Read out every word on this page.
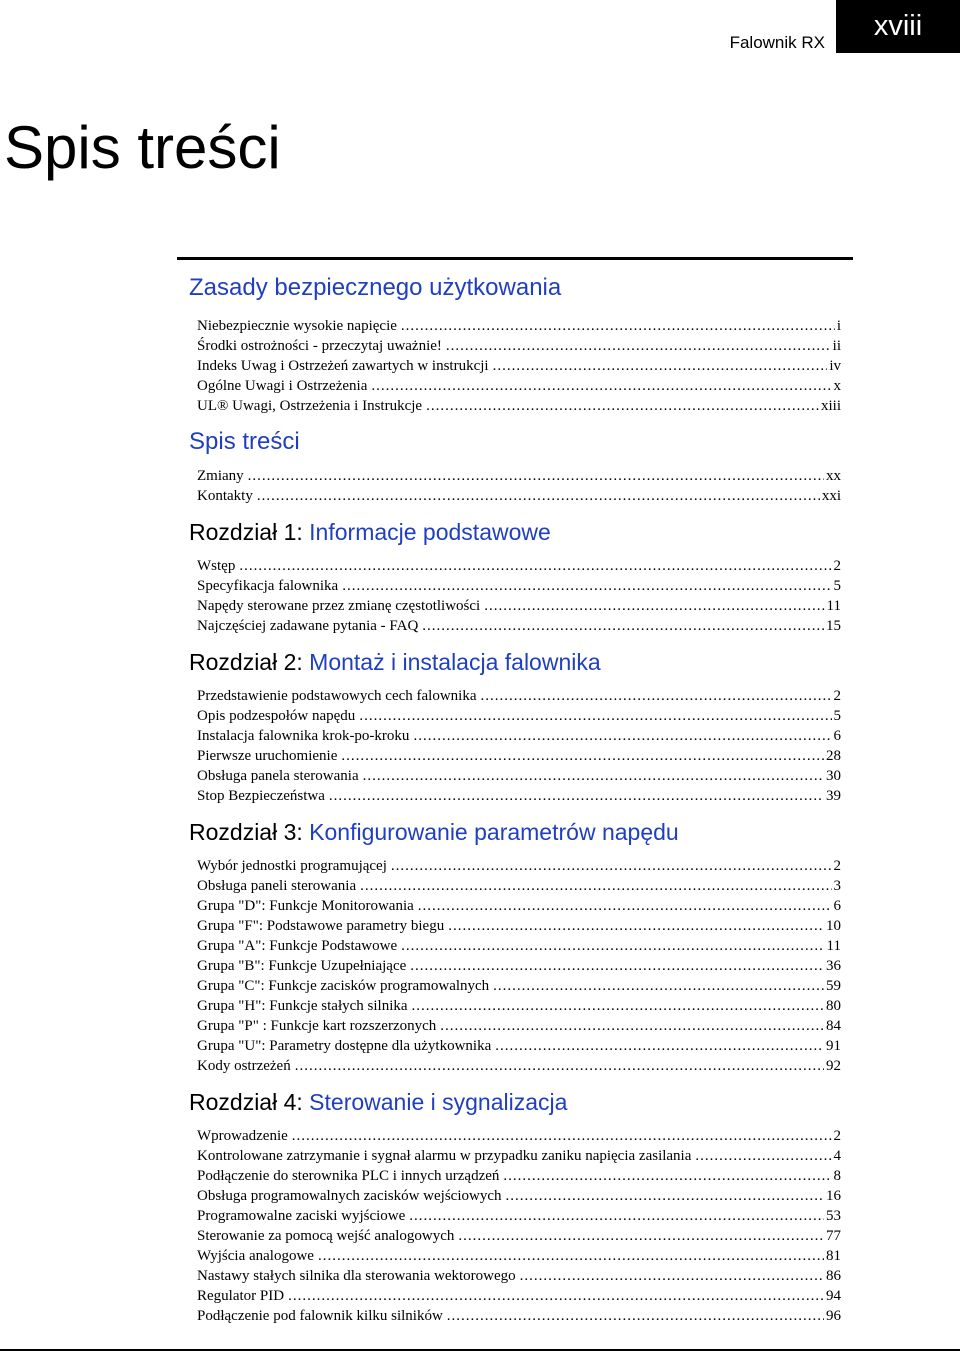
Falownik RX
xviii
Spis treści
Zasady bezpiecznego użytkowania
Niebezpiecznie wysokie napięcie .....	i
Środki ostrożności - przeczytaj uważnie! .....	ii
Indeks Uwag i Ostrzeżeń zawartych w instrukcji .....	iv
Ogólne Uwagi i Ostrzeżenia .....	x
UL® Uwagi, Ostrzeżenia i Instrukcje .....	xiii
Spis treści
Zmiany .....	xx
Kontakty .....	xxi
Rozdział 1: Informacje podstawowe
Wstęp .....	2
Specyfikacja falownika .....	5
Napędy sterowane przez zmianę częstotliwości .....	11
Najczęściej zadawane pytania - FAQ .....	15
Rozdział 2: Montaż i instalacja falownika
Przedstawienie podstawowych cech falownika .....	2
Opis podzespołów napędu .....	5
Instalacja falownika krok-po-kroku .....	6
Pierwsze uruchomienie .....	28
Obsługa panela sterowania .....	30
Stop Bezpieczeństwa .....	39
Rozdział 3: Konfigurowanie parametrów napędu
Wybór jednostki programującej .....	2
Obsługa paneli sterowania .....	3
Grupa "D": Funkcje Monitorowania .....	6
Grupa "F": Podstawowe parametry biegu .....	10
Grupa "A": Funkcje Podstawowe .....	11
Grupa "B": Funkcje Uzupełniające .....	36
Grupa "C": Funkcje zacisków programowalnych .....	59
Grupa "H": Funkcje stałych silnika .....	80
Grupa "P" : Funkcje kart rozszerzonych .....	84
Grupa "U": Parametry dostępne dla użytkownika .....	91
Kody ostrzeżeń .....	92
Rozdział 4: Sterowanie i sygnalizacja
Wprowadzenie .....	2
Kontrolowane zatrzymanie i sygnał alarmu w przypadku zaniku napięcia zasilania .....	4
Podłączenie do sterownika PLC i innych urządzeń .....	8
Obsługa programowalnych zacisków wejściowych .....	16
Programowalne zaciski wyjściowe .....	53
Sterowanie za pomocą wejść analogowych .....	77
Wyjścia analogowe .....	81
Nastawy stałych silnika dla sterowania wektorowego .....	86
Regulator PID .....	94
Podłączenie pod falownik kilku silników .....	96
